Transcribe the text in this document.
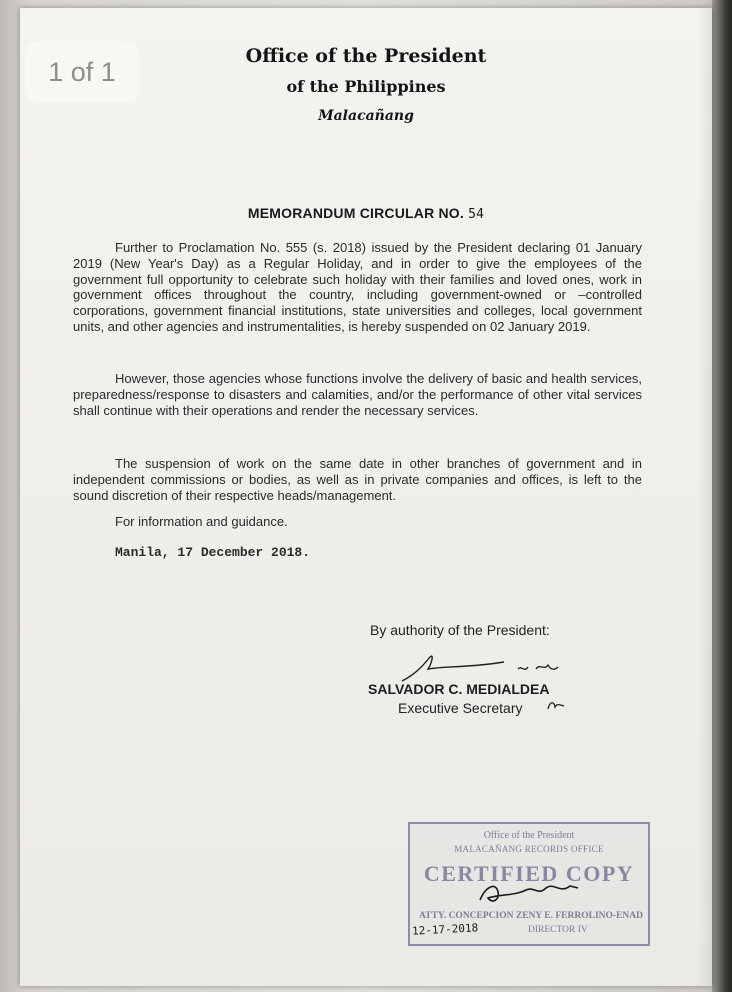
1 of 1
Office of the President
of the Philippines
Malacañang
MEMORANDUM CIRCULAR NO. 54

Further to Proclamation No. 555 (s. 2018) issued by the President declaring 01 January 2019 (New Year's Day) as a Regular Holiday, and in order to give the employees of the government full opportunity to celebrate such holiday with their families and loved ones, work in government offices throughout the country, including government-owned or –controlled corporations, government financial institutions, state universities and colleges, local government units, and other agencies and instrumentalities, is hereby suspended on 02 January 2019.

However, those agencies whose functions involve the delivery of basic and health services, preparedness/response to disasters and calamities, and/or the performance of other vital services shall continue with their operations and render the necessary services.

The suspension of work on the same date in other branches of government and in independent commissions or bodies, as well as in private companies and offices, is left to the sound discretion of their respective heads/management.

For information and guidance.

Manila, 17 December 2018.
By authority of the President:
SALVADOR C. MEDIALDEA
Executive Secretary
Office of the President
MALACAÑANG RECORDS OFFICE
CERTIFIED COPY
ATTY. CONCEPCION ZENY E. FERROLINO-ENAD
DIRECTOR IV
12-17-2018
